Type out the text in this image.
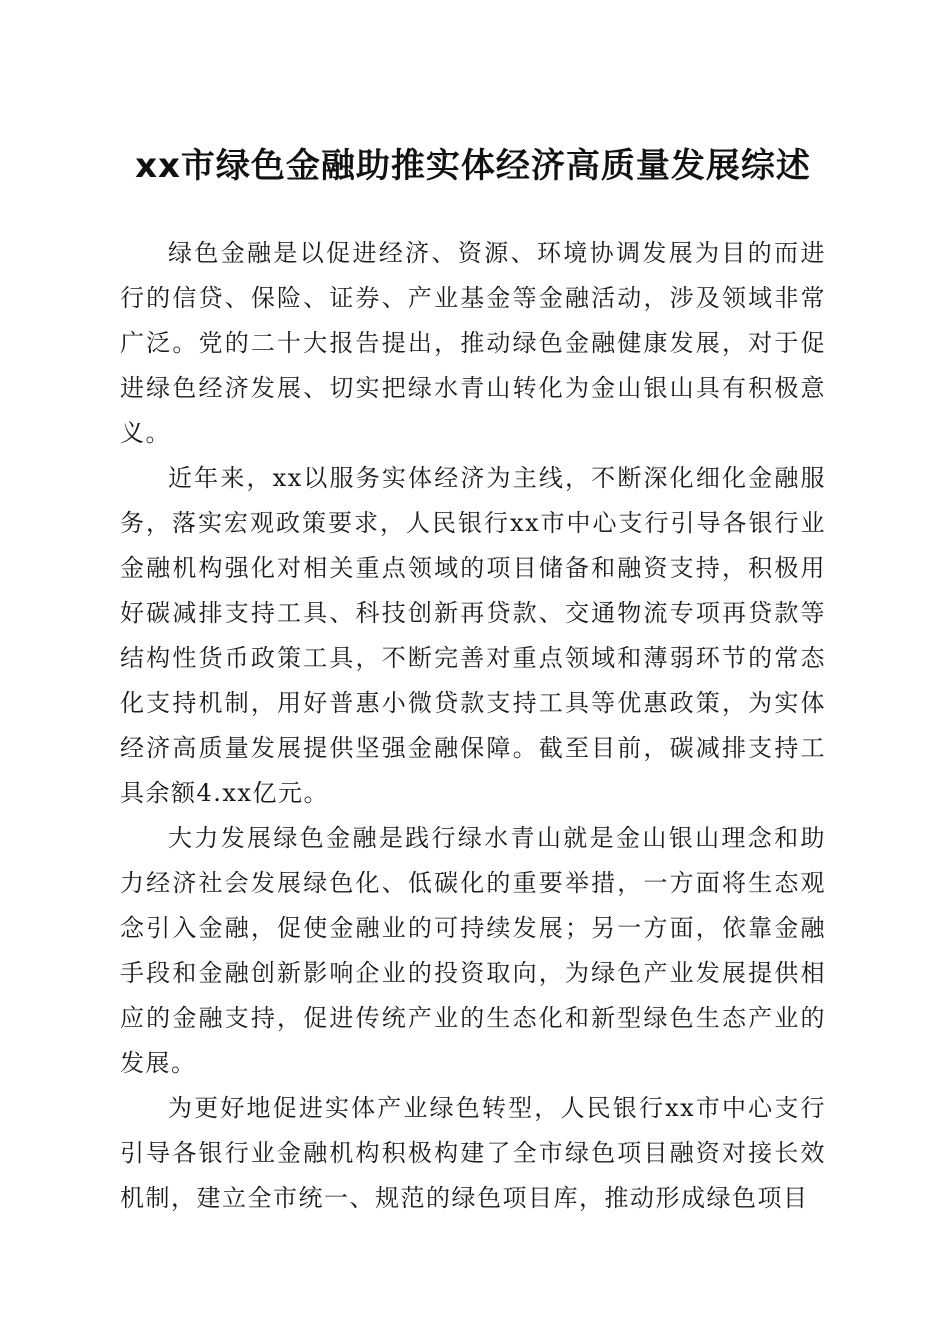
xx市绿色金融助推实体经济高质量发展综述

绿色金融是以促进经济、资源、环境协调发展为目的而进行的信贷、保险、证券、产业基金等金融活动，涉及领域非常广泛。党的二十大报告提出，推动绿色金融健康发展，对于促进绿色经济发展、切实把绿水青山转化为金山银山具有积极意义。

近年来，xx以服务实体经济为主线，不断深化细化金融服务，落实宏观政策要求，人民银行xx市中心支行引导各银行业金融机构强化对相关重点领域的项目储备和融资支持，积极用好碳减排支持工具、科技创新再贷款、交通物流专项再贷款等结构性货币政策工具，不断完善对重点领域和薄弱环节的常态化支持机制，用好普惠小微贷款支持工具等优惠政策，为实体经济高质量发展提供坚强金融保障。截至目前，碳减排支持工具余额4.xx亿元。

大力发展绿色金融是践行绿水青山就是金山银山理念和助力经济社会发展绿色化、低碳化的重要举措，一方面将生态观念引入金融，促使金融业的可持续发展；另一方面，依靠金融手段和金融创新影响企业的投资取向，为绿色产业发展提供相应的金融支持，促进传统产业的生态化和新型绿色生态产业的发展。

为更好地促进实体产业绿色转型，人民银行xx市中心支行引导各银行业金融机构积极构建了全市绿色项目融资对接长效机制，建立全市统一、规范的绿色项目库，推动形成绿色项目
